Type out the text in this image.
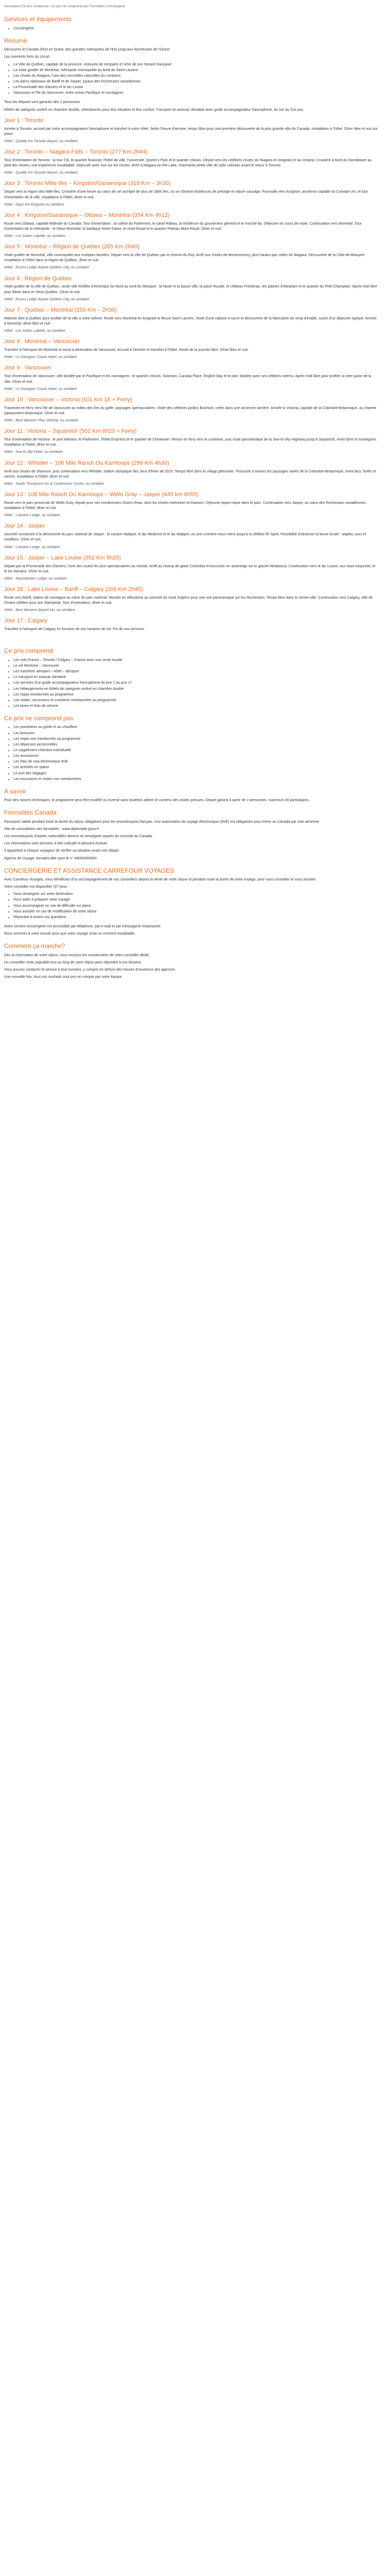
Description Ce prix comprend / Ce prix ne comprend pas Formalités Conciergerie

Services et équipements
• Conciergerie
Résumé

Découvrez le Canada d'Est en Ouest, des grandes métropoles de l'Est jusqu'aux Rocheuses de l'Ouest.

Les moments forts du circuit :

• La Ville de Québec, capitale de la province, entourée de remparts et riche de son histoire française
• La visite guidée de Montréal, métropole cosmopolite au bord du Saint-Laurent
• Les chutes du Niagara, l'une des merveilles naturelles du continent
• Les parcs nationaux de Banff et de Jasper, joyaux des Rocheuses canadiennes
• La Promenade des Glaciers et le lac Louise
• Vancouver et l'île de Vancouver, entre océan Pacifique et montagnes

Tous les départs sont garantis dès 2 personnes.

Hôtels de catégorie confort en chambre double, sélectionnés pour leur situation et leur confort. Transport en autocar climatisé avec guide accompagnateur francophone, du 1er au 21e jour.

Jour 1 : Toronto

Arrivée à Toronto, accueil par votre accompagnateur francophone et transfert à votre hôtel. Selon l'heure d'arrivée, temps libre pour une première découverte de la plus grande ville du Canada. Installation à l'hôtel. Dîner libre et nuit sur place.

Hôtel : Quality Inn Toronto Airport, ou similaire

Jour 2 : Toronto – Niagara Falls – Toronto (277 Km 2h44)

Tour d'orientation de Toronto : la tour CN, le quartier financier, l'hôtel de ville, l'université, Queen's Park et le quartier chinois. Départ vers les célèbres chutes du Niagara en longeant le lac Ontario. Croisière à bord du Hornblower au pied des chutes, une expérience inoubliable. Déjeuner avec vue sur les chutes. Arrêt à Niagara-on-the-Lake, charmante petite ville de style colonial, avant le retour à Toronto.

Hôtel : Quality Inn Toronto Airport, ou similaire

Jour 3 : Toronto Mille Iles – Kingston/Gananoque (318 Km – 3h30)

Départ vers la région des Mille-Îles. Croisière d'une heure au cœur de cet archipel de plus de 1800 îles, où se côtoient résidences de prestige et nature sauvage. Poursuite vers Kingston, ancienne capitale du Canada-Uni, et tour d'orientation de la ville. Installation à l'hôtel, dîner et nuit.

Hôtel : Days Inn Kingston ou similaire

Jour 4 : Kingston/Gananoque – Ottawa – Montréal (354 Km 4h12)

Route vers Ottawa, capitale fédérale du Canada. Tour d'orientation : la colline du Parlement, le canal Rideau, la résidence du gouverneur général et le marché By. Déjeuner en cours de visite. Continuation vers Montréal. Tour d'orientation de la métropole : le Vieux-Montréal, la basilique Notre-Dame, le mont Royal et le quartier Plateau Mont-Royal. Dîner et nuit.

Hôtel : Les Suites Labelle, ou similaire

Jour 5 : Montréal – Région de Québec (265 Km 2h40)

Visite guidée de Montréal, ville cosmopolite aux multiples facettes. Départ vers la ville de Québec par le chemin du Roy. Arrêt aux chutes de Montmorency, plus hautes que celles du Niagara. Découverte de la Côte-de-Beaupré. Installation à l'hôtel dans la région de Québec, dîner et nuit.

Hôtel : Econo Lodge Airport Québec City, ou similaire

Jour 6 : Région de Québec

Visite guidée de la ville de Québec, seule ville fortifiée d'Amérique du Nord au nord du Mexique : la haute et la basse ville, la place Royale, le château Frontenac, les plaines d'Abraham et le quartier du Petit Champlain. Après-midi libre pour flâner dans le Vieux-Québec. Dîner et nuit.

Hôtel : Econo Lodge Airport Québec City, ou similaire

Jour 7 : Québec – Montréal (250 Km – 2h30)

Matinée libre à Québec pour profiter de la ville à votre rythme. Route vers Montréal en longeant le fleuve Saint-Laurent. Visite d'une cabane à sucre et découverte de la fabrication du sirop d'érable, suivie d'un déjeuner typique. Arrivée à Montréal, dîner libre et nuit.

Hôtel : Les Suites Labelle, ou similaire

Jour 8 : Montréal – Vancouver

Transfert à l'aéroport de Montréal et envol à destination de Vancouver. Accueil à l'arrivée et transfert à l'hôtel. Reste de la journée libre. Dîner libre et nuit.

Hôtel : Le Georgian Courts Hotel, ou similaire

Jour 9 : Vancouver

Tour d'orientation de Vancouver, ville bordée par le Pacifique et les montagnes : le quartier chinois, Gastown, Canada Place, English Bay et le parc Stanley avec ses célèbres totems. Après-midi libre pour profiter à votre guise de la ville. Dîner et nuit.

Hôtel : Le Georgian Courts Hotel, ou similaire

Jour 10 : Vancouver – Victoria (101 Km 1h + Ferry)

Traversée en ferry vers l'île de Vancouver au milieu des îles du golfe, paysages spectaculaires. Visite des célèbres jardins Butchart, créés dans une ancienne carrière. Arrivée à Victoria, capitale de la Colombie-Britannique, au charme typiquement britannique. Dîner et nuit.

Hôtel : Best Western Plus Victoria, ou similaire

Jour 11 : Victoria – Squamish (502 Km 6h20 + Ferry)

Tour d'orientation de Victoria : le port intérieur, le Parlement, l'hôtel Empress et le quartier de Chinatown. Retour en ferry vers le continent, puis route panoramique de la Sea-to-Sky Highway jusqu'à Squamish, entre fjord et montagnes. Installation à l'hôtel, dîner et nuit.

Hôtel : Sea to Sky Hotel, ou similaire

Jour 12 : Whistler – 108 Mile Ranch Ou Kamloops (299 Km 4h30)

Arrêt aux chutes de Shannon, puis continuation vers Whistler, station olympique des Jeux d'hiver de 2010. Temps libre dans le village piétonnier. Poursuite à travers les paysages variés de la Colombie-Britannique, entre lacs, forêts et ranchs. Installation à l'hôtel, dîner et nuit.

Hôtel : South Thompson Inn & Conference Center, ou similaire

Jour 13 : 108 Mile Ranch Ou Kamloops – Wells Gray – Jasper (445 km 6h55)

Route vers le parc provincial de Wells Gray, réputé pour ses nombreuses chutes d'eau, dont les chutes Helmcken et Dawson. Déjeuner pique-nique dans le parc. Continuation vers Jasper, au cœur des Rocheuses canadiennes. Installation à l'hôtel, dîner et nuit.

Hôtel : Lobstick Lodge, ou similaire

Jour 14 : Jasper

Journée consacrée à la découverte du parc national de Jasper : le canyon Maligne, le lac Medicine et le lac Maligne, où une croisière vous mène jusqu'à la célèbre île Spirit. Possibilité d'observer la faune locale : wapitis, ours et mouflons. Dîner et nuit.

Hôtel : Lobstick Lodge, ou similaire

Jour 15 : Jasper – Lake Louise (352 Km 5h25)

Départ par la Promenade des Glaciers, l'une des routes les plus spectaculaires au monde. Arrêt au champ de glace Columbia et excursion en autoneige sur le glacier Athabasca. Continuation vers le lac Louise, aux eaux turquoise, et le lac Moraine. Dîner et nuit.

Hôtel : Mountaineer Lodge, ou similaire

Jour 16 : Lake Louise – Banff – Calgary (209 Km 2h45)

Route vers Banff, station de montagne au cœur du parc national. Montée en télécabine au sommet du mont Sulphur pour une vue panoramique sur les Rocheuses. Temps libre dans le centre-ville. Continuation vers Calgary, ville de l'Ouest célèbre pour son Stampede. Tour d'orientation, dîner et nuit.

Hôtel : Best Western Airport Inn, ou similaire

Jour 17 : Calgary

Transfert à l'aéroport de Calgary en fonction de vos horaires de vol. Fin de nos services.

Ce prix comprend
• Les vols France – Toronto / Calgary – France avec une seule escale
• Le vol Montréal – Vancouver
• Les transferts aéroport – hôtel – aéroport
• Le transport en autocar climatisé
• Les services d'un guide accompagnateur francophone du jour 1 au jour 17
• Les hébergements en hôtels de catégorie confort en chambre double
• Les repas mentionnés au programme
• Les visites, excursions et croisières mentionnées au programme
• Les taxes et frais de service
Ce prix ne comprend pas
• Les pourboires au guide et au chauffeur
• Les boissons
• Les repas non mentionnés au programme
• Les dépenses personnelles
• Le supplément chambre individuelle
• Les assurances
• Les frais de visa électronique AVE
• Les activités en option
• Le port des bagages
• Les excursions et visites non mentionnées
A savoir

Pour des raisons techniques, le programme peut être modifié ou inversé sans toutefois altérer le contenu des visites prévues. Départ garanti à partir de 2 personnes, maximum 45 participants.

Formalités Canada

Passeport valide pendant toute la durée du séjour obligatoire pour les ressortissants français. Une autorisation de voyage électronique (AVE) est obligatoire pour entrer au Canada par voie aérienne.

Site de consultation des formalités : www.diplomatie.gouv.fr

Les ressortissants d'autres nationalités doivent se renseigner auprès du consulat du Canada.

Les informations sont données à titre indicatif et peuvent évoluer.

Il appartient à chaque voyageur de vérifier sa situation avant son départ.

Agence de voyage, immatriculée sous le n° IM000000000.

CONCIERGERIE ET ASSISTANCE CARREFOUR VOYAGES

Avec Carrefour Voyages, vous bénéficiez d'un accompagnement de nos conseillers depuis la vente de votre séjour et pendant toute la durée de votre voyage, pour vous conseiller et vous assister.

Votre conseiller est disponible 7j/7 pour :

• Vous renseigner sur votre destination
• Vous aider à préparer votre voyage
• Vous accompagner en cas de difficulté sur place
• Vous assister en cas de modification de votre séjour
• Répondre à toutes vos questions

Notre service conciergerie est accessible par téléphone, par e-mail et par messagerie instantanée.

Nous sommes à votre écoute pour que votre voyage reste un moment inoubliable.

Comment ça marche?

Dès la réservation de votre séjour, vous recevez les coordonnées de votre conseiller dédié.

Un conseiller reste joignable tout au long de votre séjour pour répondre à vos besoins.

Vous pouvez contacter le service à tout moment, y compris en dehors des heures d'ouverture des agences.

Une nouvelle fois, tous vos souhaits sont pris en compte par notre équipe.
